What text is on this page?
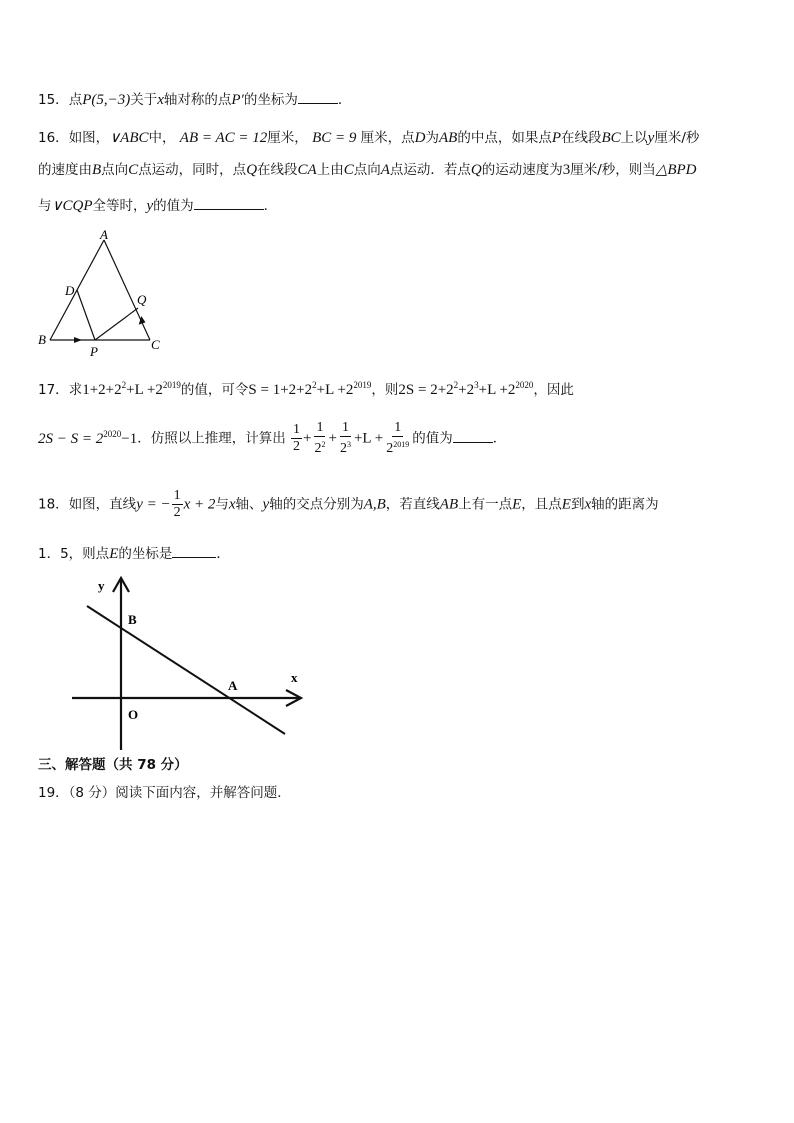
15．点P(5,−3)关于x轴对称的点P′的坐标为	．
16．如图，∨ABC中， AB = AC = 12厘米， BC = 9 厘米，点D为AB的中点，如果点P在线段BC上以y厘米/秒
的速度由B点向C点运动，同时，点Q在线段CA上由C点向A点运动．若点Q的运动速度为3厘米/秒，则当△BPD
与∨CQP全等时，y的值为	．
A
B	C
D
P
Q
17．求$1+2+2^2+L +2^{2019}$的值，可令$S = 1+2+2^2+L +2^{2019}$，则$2S = 2+2^2+2^3+L +2^{2020}$，因此
$2S - S = 2^{2020}-1$．仿照以上推理，计算出 $\frac{1}{2} + \frac{1}{2^2} + \frac{1}{2^3} +L + \frac{1}{2^{2019}}$ 的值为	．
18．如图，直线y = − $\frac{1}{2}$ x + 2与x轴、y轴的交点分别为A,B，若直线AB上有一点E，且点E到x轴的距离为
1．5，则点E的坐标是	．
y
x
B
A
O
三、解答题（共 78 分）
19．（8 分）阅读下面内容，并解答问题．
